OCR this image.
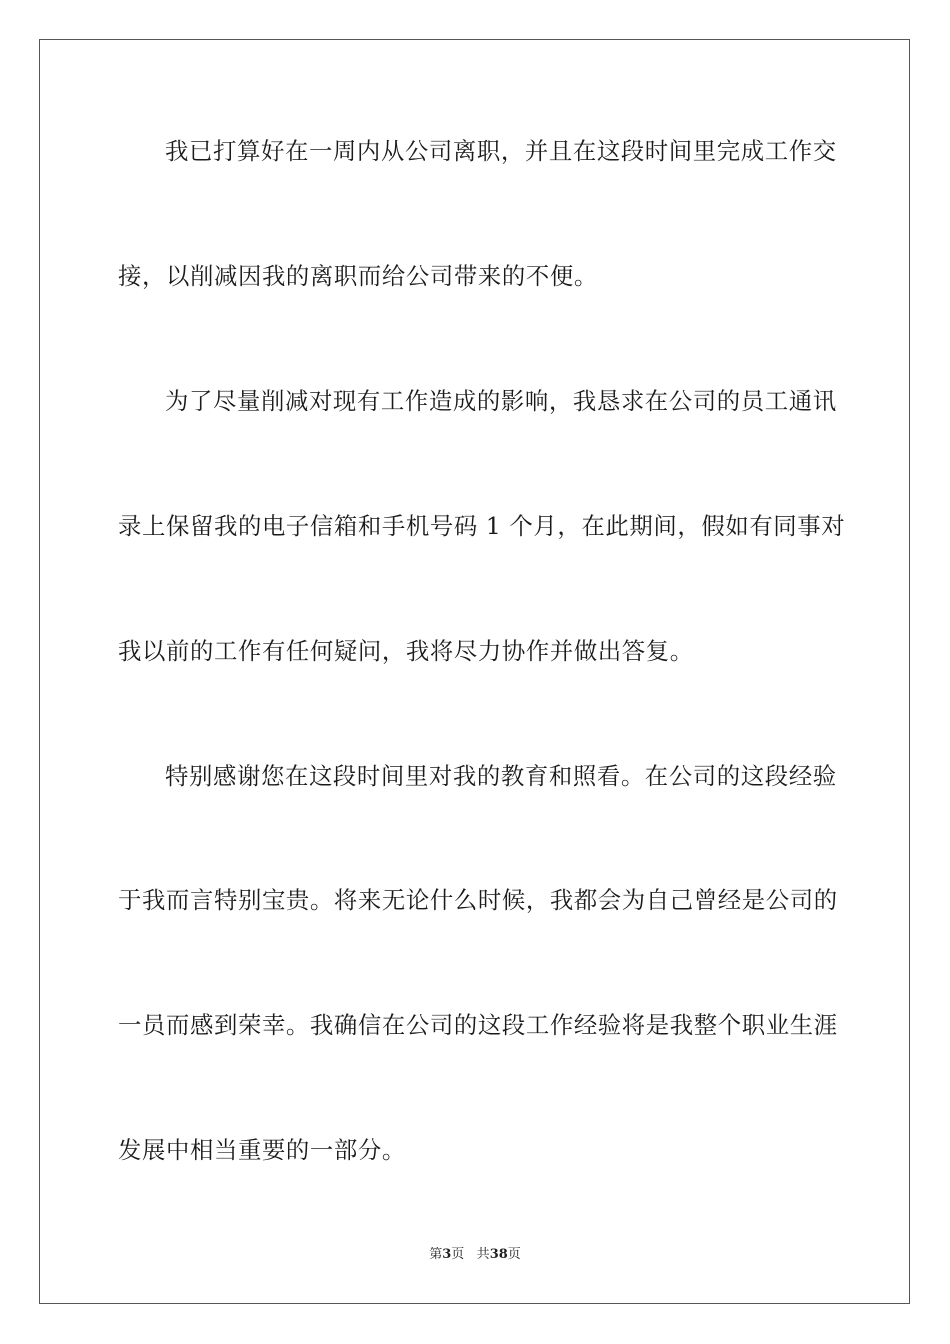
我已打算好在一周内从公司离职，并且在这段时间里完成工作交
接，以削减因我的离职而给公司带来的不便。
为了尽量削减对现有工作造成的影响，我恳求在公司的员工通讯
录上保留我的电子信箱和手机号码 1 个月，在此期间，假如有同事对
我以前的工作有任何疑问，我将尽力协作并做出答复。
特别感谢您在这段时间里对我的教育和照看。在公司的这段经验
于我而言特别宝贵。将来无论什么时候，我都会为自己曾经是公司的
一员而感到荣幸。我确信在公司的这段工作经验将是我整个职业生涯
发展中相当重要的一部分。
第3页 共38页
